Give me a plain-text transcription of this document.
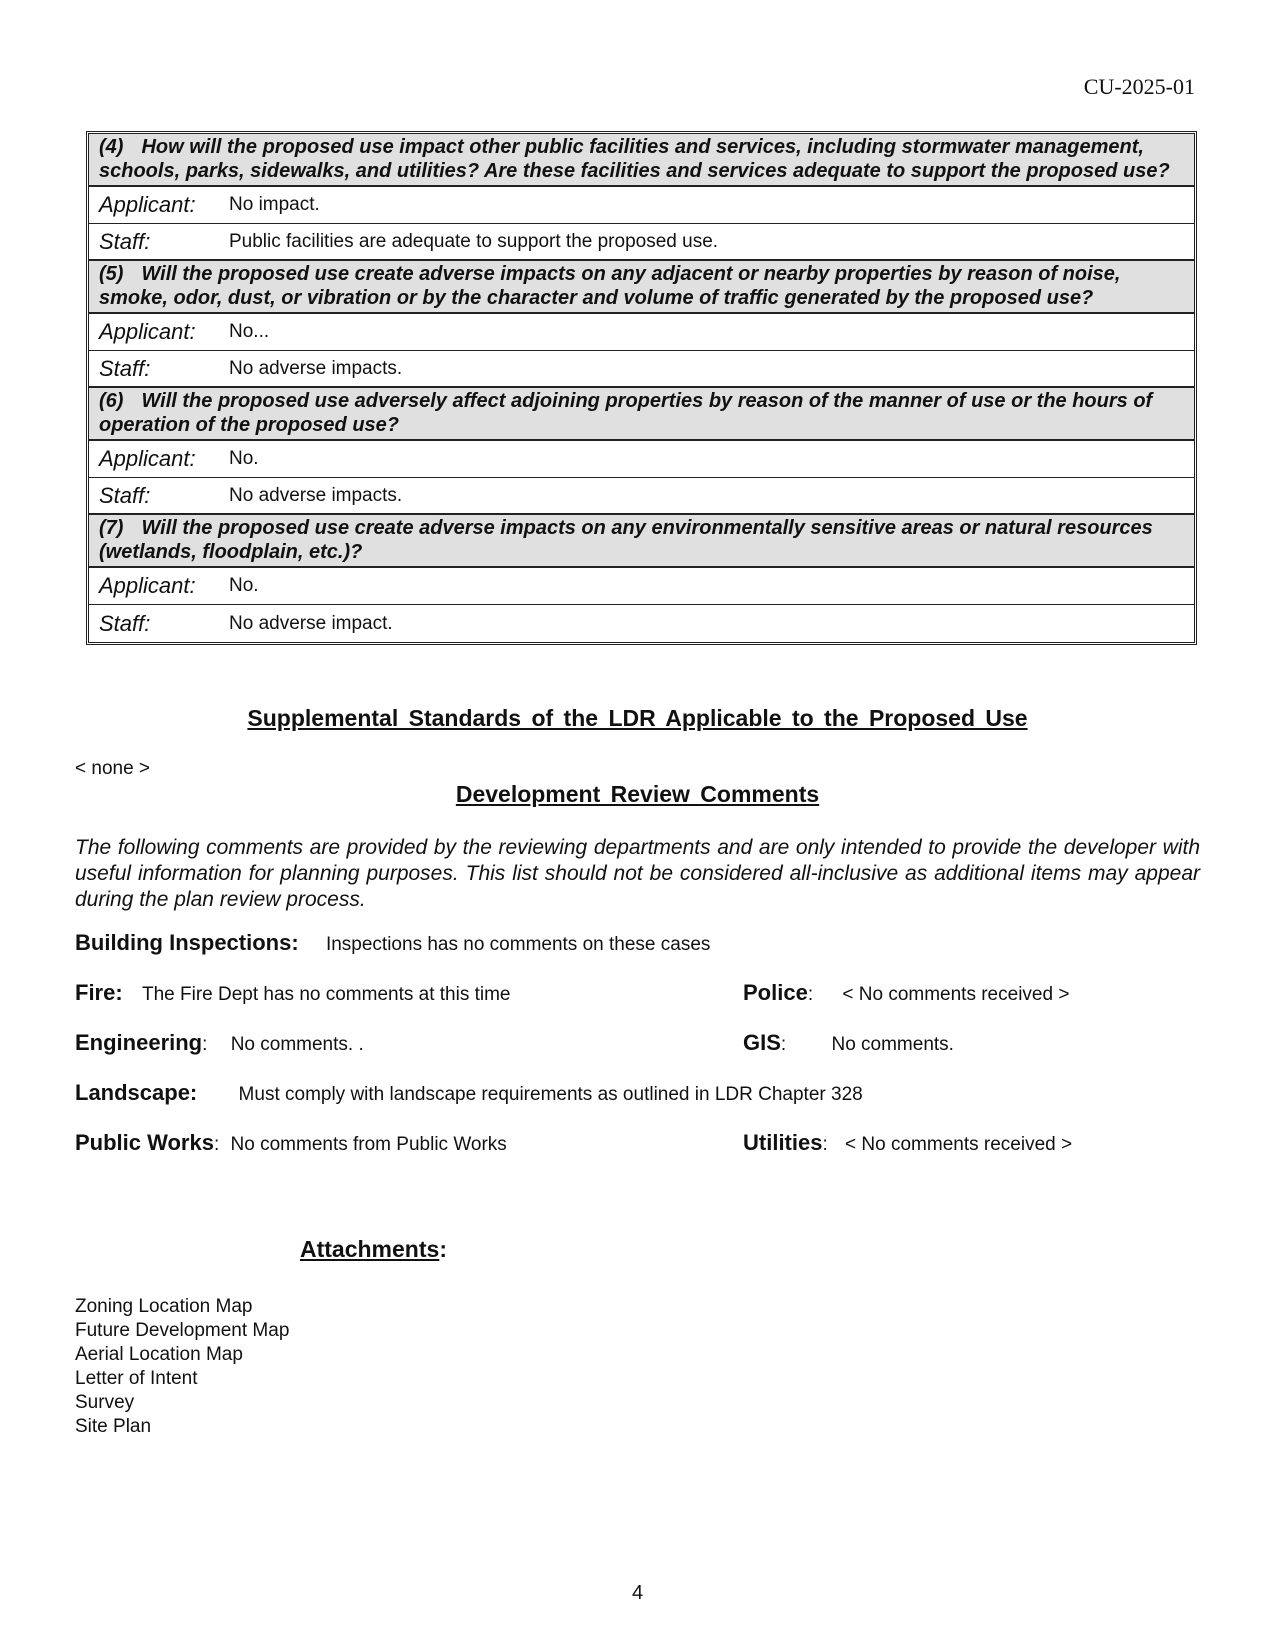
CU-2025-01
(4) How will the proposed use impact other public facilities and services, including stormwater management, schools, parks, sidewalks, and utilities? Are these facilities and services adequate to support the proposed use?
Applicant:	No impact.
Staff:	Public facilities are adequate to support the proposed use.
(5) Will the proposed use create adverse impacts on any adjacent or nearby properties by reason of noise, smoke, odor, dust, or vibration or by the character and volume of traffic generated by the proposed use?
Applicant:	No...
Staff:	No adverse impacts.
(6) Will the proposed use adversely affect adjoining properties by reason of the manner of use or the hours of operation of the proposed use?
Applicant:	No.
Staff:	No adverse impacts.
(7) Will the proposed use create adverse impacts on any environmentally sensitive areas or natural resources (wetlands, floodplain, etc.)?
Applicant:	No.
Staff:	No adverse impact.
Supplemental Standards of the LDR Applicable to the Proposed Use
< none >
Development Review Comments

The following comments are provided by the reviewing departments and are only intended to provide the developer with useful information for planning purposes. This list should not be considered all-inclusive as additional items may appear during the plan review process.

Building Inspections: Inspections has no comments on these cases
Fire: The Fire Dept has no comments at this time	Police: < No comments received >
Engineering: No comments. .	GIS: No comments.
Landscape: Must comply with landscape requirements as outlined in LDR Chapter 328
Public Works: No comments from Public Works	Utilities: < No comments received >
Attachments:
Zoning Location Map
Future Development Map
Aerial Location Map
Letter of Intent
Survey
Site Plan
4
